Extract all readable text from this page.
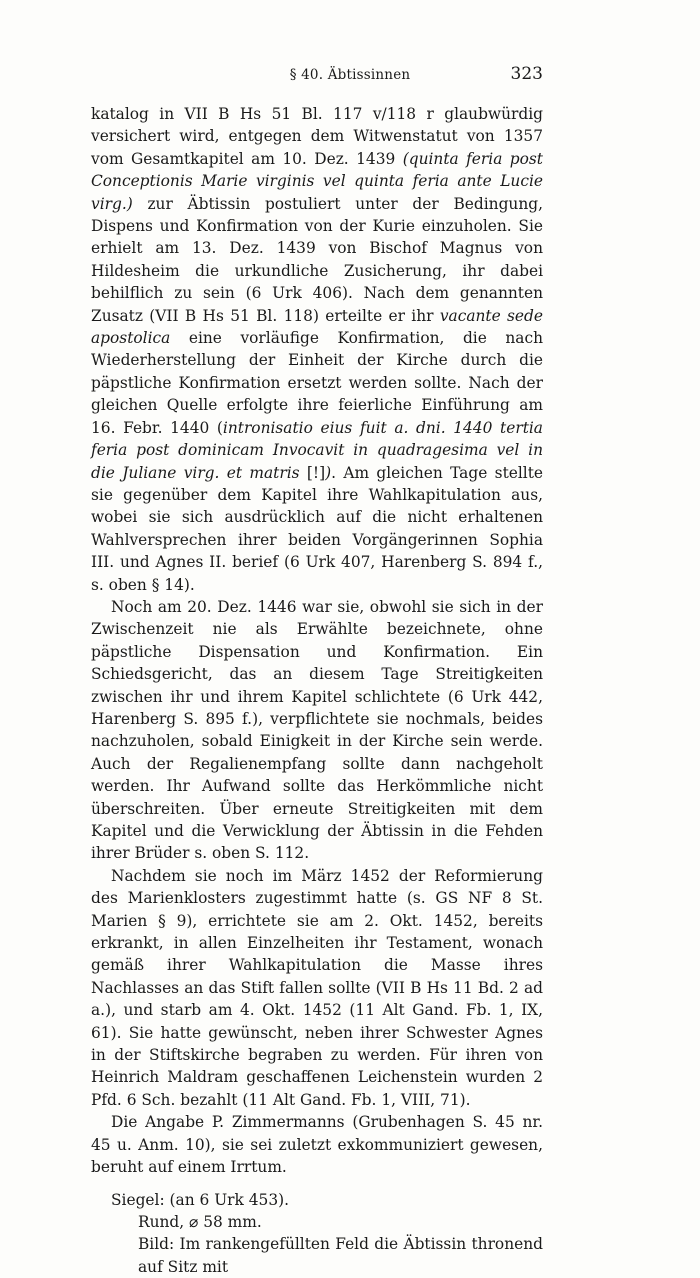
§ 40. Äbtissinnen	323

katalog in VII B Hs 51 Bl. 117 v/118 r glaubwürdig versichert wird, entgegen dem Witwenstatut von 1357 vom Gesamtkapitel am 10. Dez. 1439 (quinta feria post Conceptionis Marie virginis vel quinta feria ante Lucie virg.) zur Äbtissin postuliert unter der Bedingung, Dispens und Konfirmation von der Kurie einzuholen. Sie erhielt am 13. Dez. 1439 von Bischof Magnus von Hildesheim die urkundliche Zusicherung, ihr dabei behilflich zu sein (6 Urk 406). Nach dem genannten Zusatz (VII B Hs 51 Bl. 118) erteilte er ihr vacante sede apostolica eine vorläufige Konfirmation, die nach Wiederherstellung der Einheit der Kirche durch die päpstliche Konfirmation ersetzt werden sollte. Nach der gleichen Quelle erfolgte ihre feierliche Einführung am 16. Febr. 1440 (intronisatio eius fuit a. dni. 1440 tertia feria post dominicam Invocavit in quadragesima vel in die Juliane virg. et matris [!]). Am gleichen Tage stellte sie gegenüber dem Kapitel ihre Wahlkapitulation aus, wobei sie sich ausdrücklich auf die nicht erhaltenen Wahlversprechen ihrer beiden Vorgängerinnen Sophia III. und Agnes II. berief (6 Urk 407, Harenberg S. 894 f., s. oben § 14).

Noch am 20. Dez. 1446 war sie, obwohl sie sich in der Zwischenzeit nie als Erwählte bezeichnete, ohne päpstliche Dispensation und Konfirmation. Ein Schiedsgericht, das an diesem Tage Streitigkeiten zwischen ihr und ihrem Kapitel schlichtete (6 Urk 442, Harenberg S. 895 f.), verpflichtete sie nochmals, beides nachzuholen, sobald Einigkeit in der Kirche sein werde. Auch der Regalienempfang sollte dann nachgeholt werden. Ihr Aufwand sollte das Herkömmliche nicht überschreiten. Über erneute Streitigkeiten mit dem Kapitel und die Verwicklung der Äbtissin in die Fehden ihrer Brüder s. oben S. 112.

Nachdem sie noch im März 1452 der Reformierung des Marienklosters zugestimmt hatte (s. GS NF 8 St. Marien § 9), errichtete sie am 2. Okt. 1452, bereits erkrankt, in allen Einzelheiten ihr Testament, wonach gemäß ihrer Wahlkapitulation die Masse ihres Nachlasses an das Stift fallen sollte (VII B Hs 11 Bd. 2 ad a.), und starb am 4. Okt. 1452 (11 Alt Gand. Fb. 1, IX, 61). Sie hatte gewünscht, neben ihrer Schwester Agnes in der Stiftskirche begraben zu werden. Für ihren von Heinrich Maldram geschaffenen Leichenstein wurden 2 Pfd. 6 Sch. bezahlt (11 Alt Gand. Fb. 1, VIII, 71).

Die Angabe P. Zimmermanns (Grubenhagen S. 45 nr. 45 u. Anm. 10), sie sei zuletzt exkommuniziert gewesen, beruht auf einem Irrtum.

Siegel: (an 6 Urk 453).

Rund, ⌀ 58 mm.

Bild: Im rankengefüllten Feld die Äbtissin thronend auf Sitz mit
